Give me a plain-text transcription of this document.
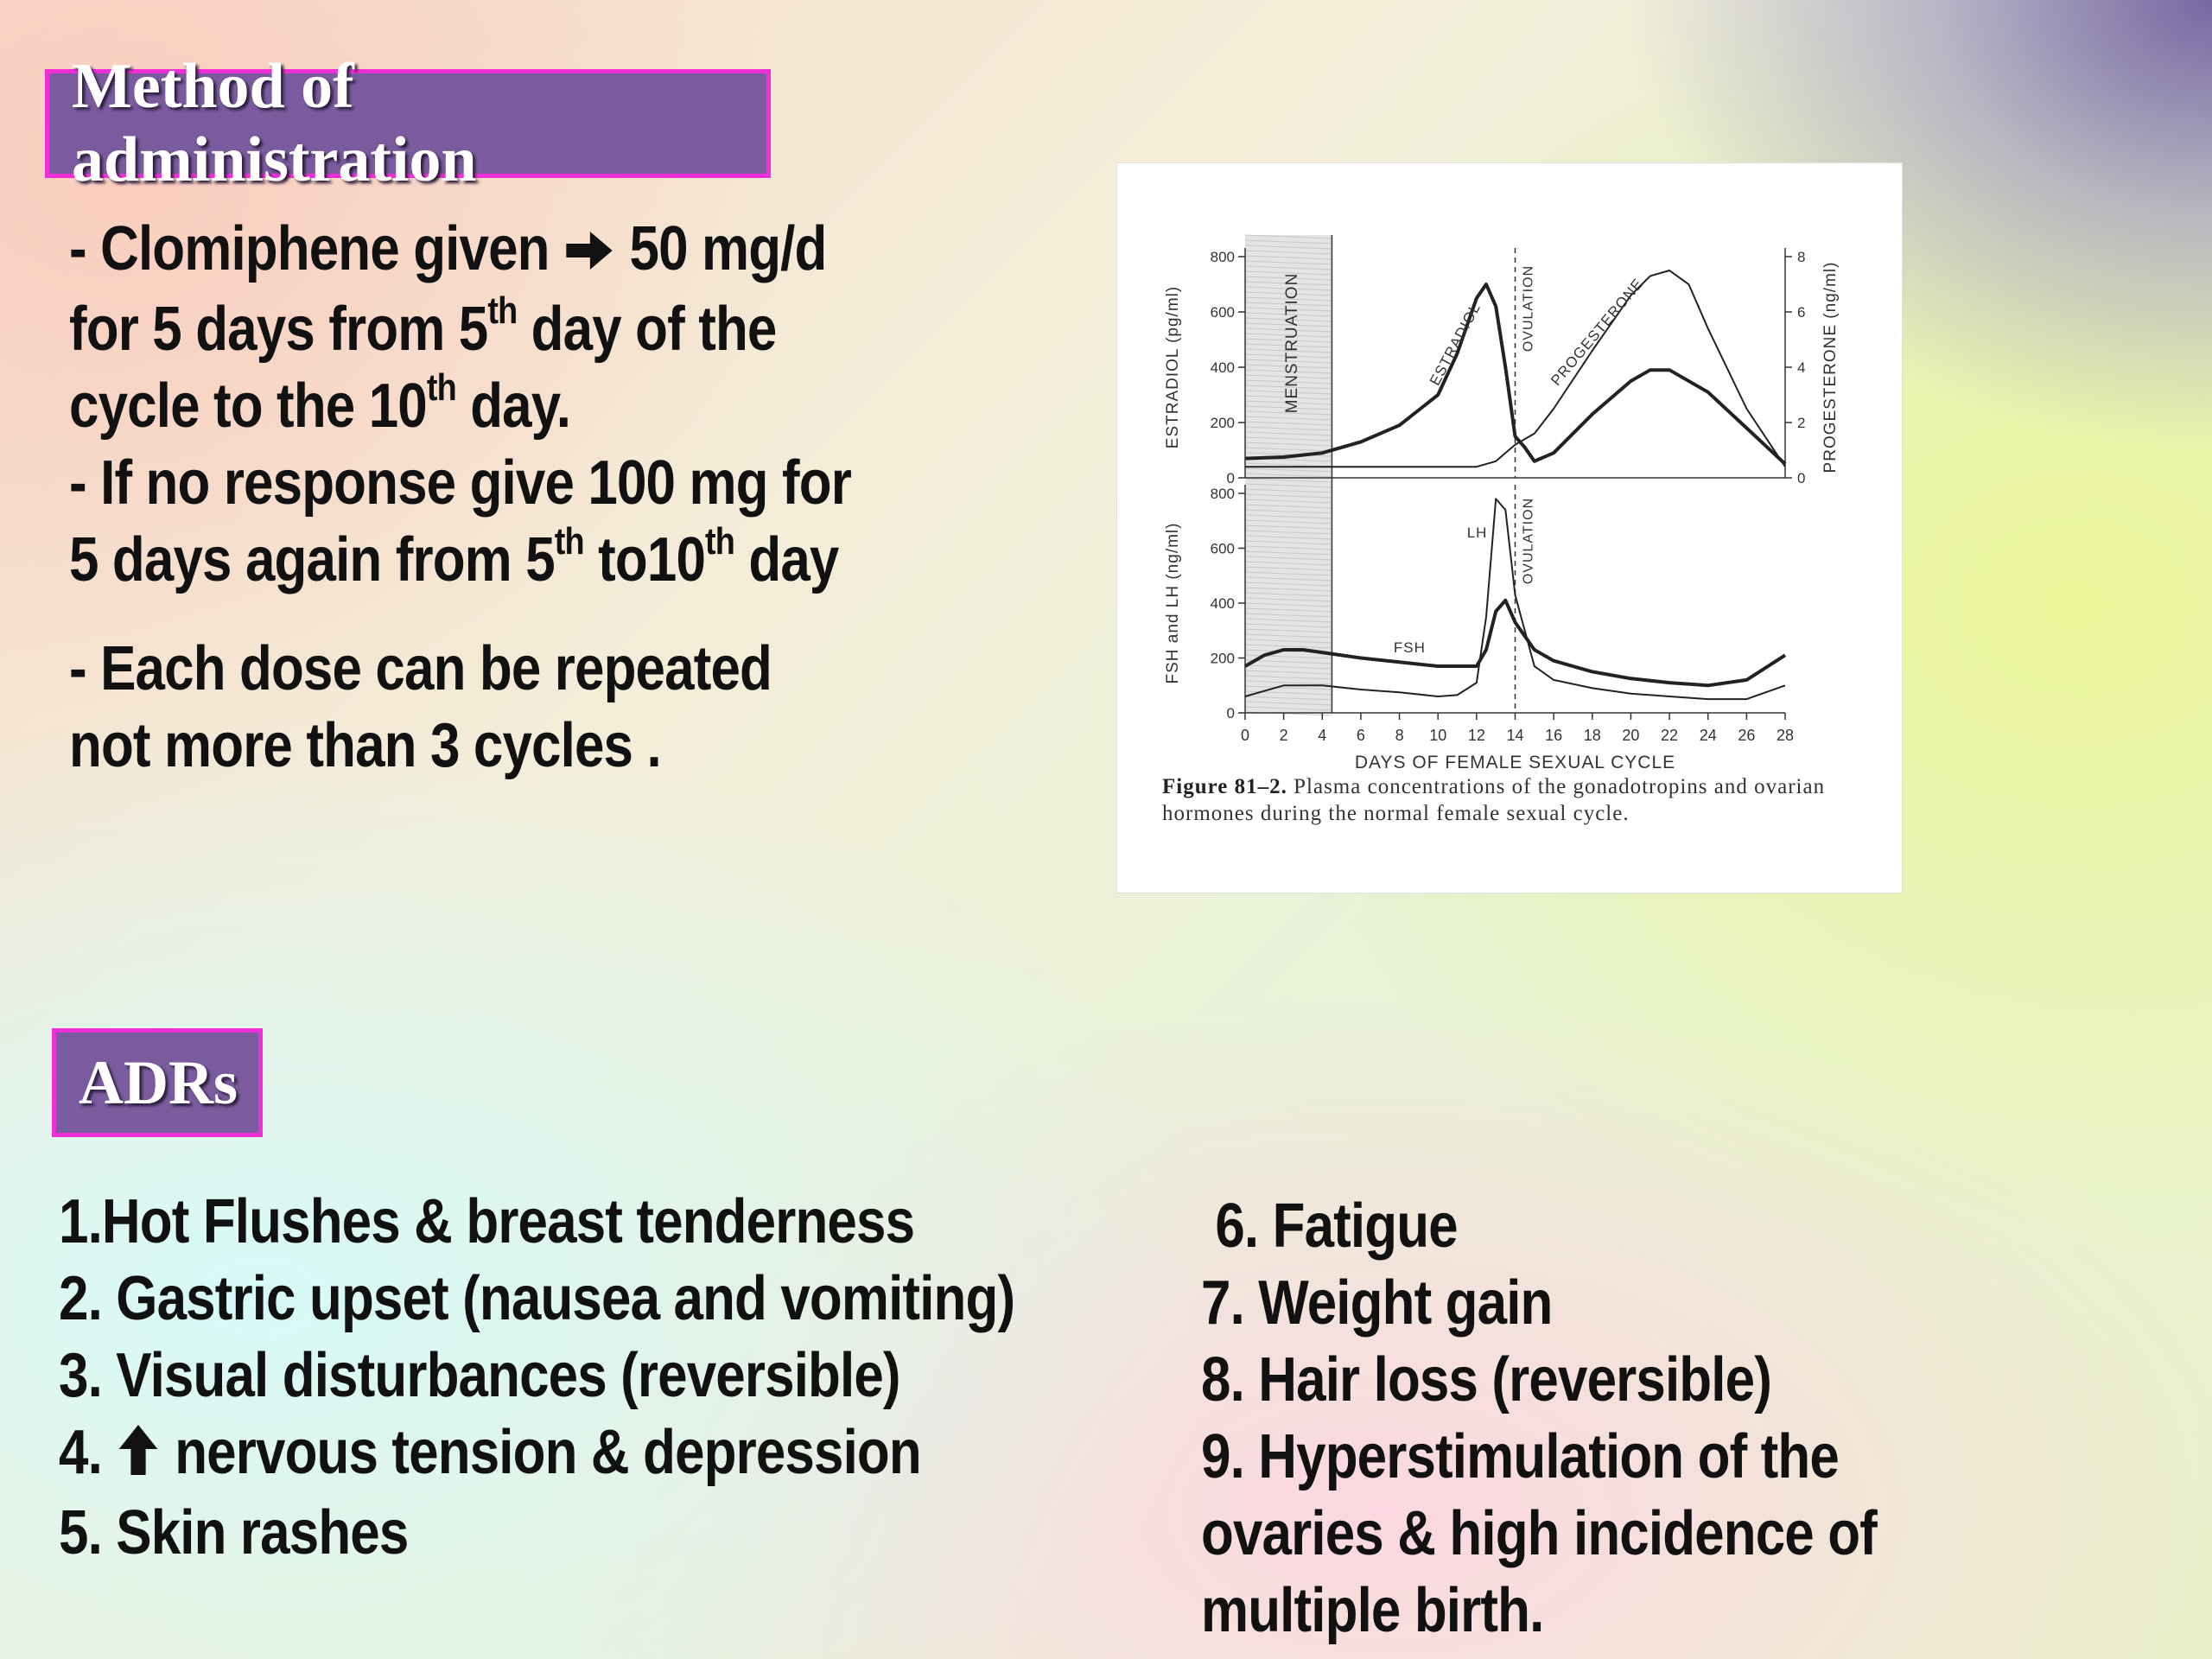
Method of administration
- Clomiphene given  50 mg/d
for 5 days from 5th day of the
cycle to the 10th day.
- If no response give 100 mg for
5 days again from 5th to10th day
- Each dose can be repeated
not more than 3 cycles .
MENSTRUATION
0
200
400
600
800
ESTRADIOL (pg/ml)
0
2
4
6
8
PROGESTERONE (ng/ml)
OVULATION
0
200
400
600
800
FSH and LH (ng/ml)	OVULATION
ESTRADIOL	PROGESTERONE
LH
FSH
0 2 4 6 8 10 12 14 16 18 20 22 24 26 28
DAYS OF FEMALE SEXUAL CYCLE
Figure 81–2. Plasma concentrations of the gonadotropins and ovarian hormones during the normal female sexual cycle.
ADRs
1.Hot Flushes & breast tenderness
2. Gastric upset (nausea and vomiting)
3. Visual disturbances (reversible)
4.  nervous tension & depression
5. Skin rashes
6. Fatigue
7. Weight gain
8. Hair loss (reversible)
9. Hyperstimulation of the
ovaries & high incidence of
multiple birth.
